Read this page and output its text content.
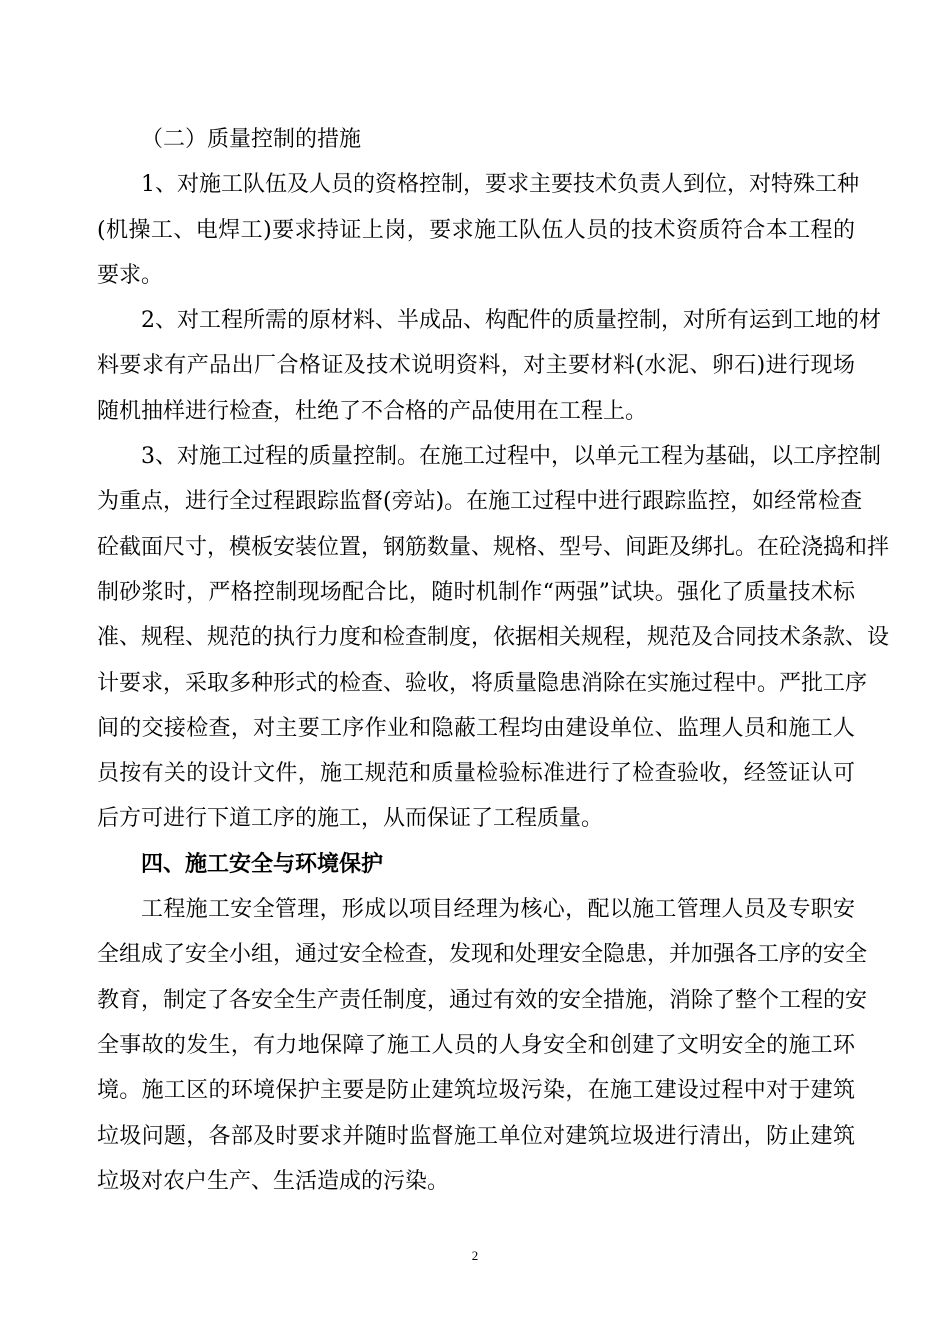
（二）质量控制的措施
1、对施工队伍及人员的资格控制，要求主要技术负责人到位，对特殊工种
(机操工、电焊工)要求持证上岗，要求施工队伍人员的技术资质符合本工程的
要求。
2、对工程所需的原材料、半成品、构配件的质量控制，对所有运到工地的材
料要求有产品出厂合格证及技术说明资料，对主要材料(水泥、卵石)进行现场
随机抽样进行检查，杜绝了不合格的产品使用在工程上。
3、对施工过程的质量控制。在施工过程中，以单元工程为基础，以工序控制
为重点，进行全过程跟踪监督(旁站)。在施工过程中进行跟踪监控，如经常检查
砼截面尺寸，模板安装位置，钢筋数量、规格、型号、间距及绑扎。在砼浇捣和拌
制砂浆时，严格控制现场配合比，随时机制作“两强”试块。强化了质量技术标
准、规程、规范的执行力度和检查制度，依据相关规程，规范及合同技术条款、设
计要求，采取多种形式的检查、验收，将质量隐患消除在实施过程中。严批工序
间的交接检查，对主要工序作业和隐蔽工程均由建设单位、监理人员和施工人
员按有关的设计文件，施工规范和质量检验标准进行了检查验收，经签证认可
后方可进行下道工序的施工，从而保证了工程质量。
四、施工安全与环境保护
工程施工安全管理，形成以项目经理为核心，配以施工管理人员及专职安
全组成了安全小组，通过安全检查，发现和处理安全隐患，并加强各工序的安全
教育，制定了各安全生产责任制度，通过有效的安全措施，消除了整个工程的安
全事故的发生，有力地保障了施工人员的人身安全和创建了文明安全的施工环
境。施工区的环境保护主要是防止建筑垃圾污染，在施工建设过程中对于建筑
垃圾问题，各部及时要求并随时监督施工单位对建筑垃圾进行清出，防止建筑
垃圾对农户生产、生活造成的污染。
2
